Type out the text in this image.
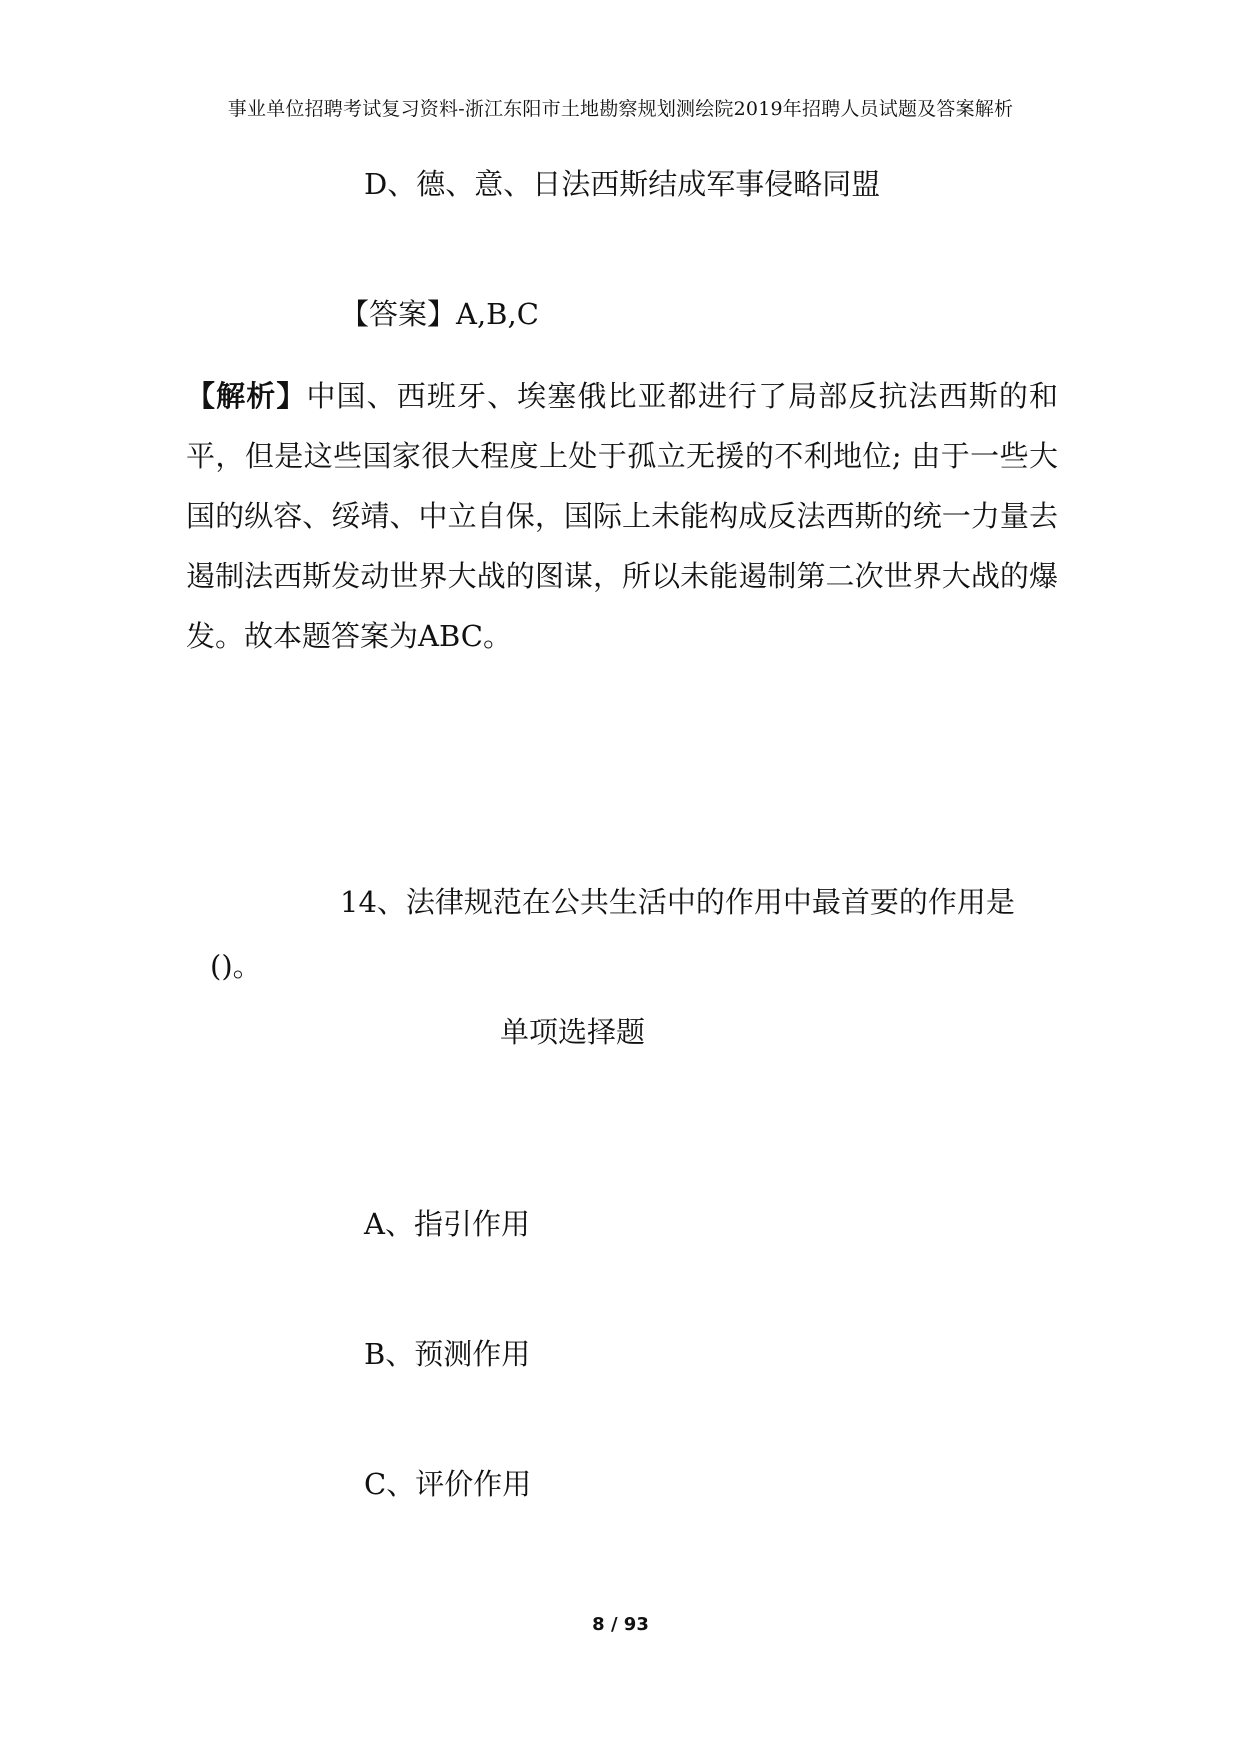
事业单位招聘考试复习资料-浙江东阳市土地勘察规划测绘院2019年招聘人员试题及答案解析
D、德、意、日法西斯结成军事侵略同盟
【答案】A,B,C
【解析】中国、西班牙、埃塞俄比亚都进行了局部反抗法西斯的和平，但是这些国家很大程度上处于孤立无援的不利地位; 由于一些大国的纵容、绥靖、中立自保，国际上未能构成反法西斯的统一力量去遏制法西斯发动世界大战的图谋，所以未能遏制第二次世界大战的爆发。故本题答案为ABC。
14、法律规范在公共生活中的作用中最首要的作用是
()。
单项选择题
A、指引作用
B、预测作用
C、评价作用
8 / 93
